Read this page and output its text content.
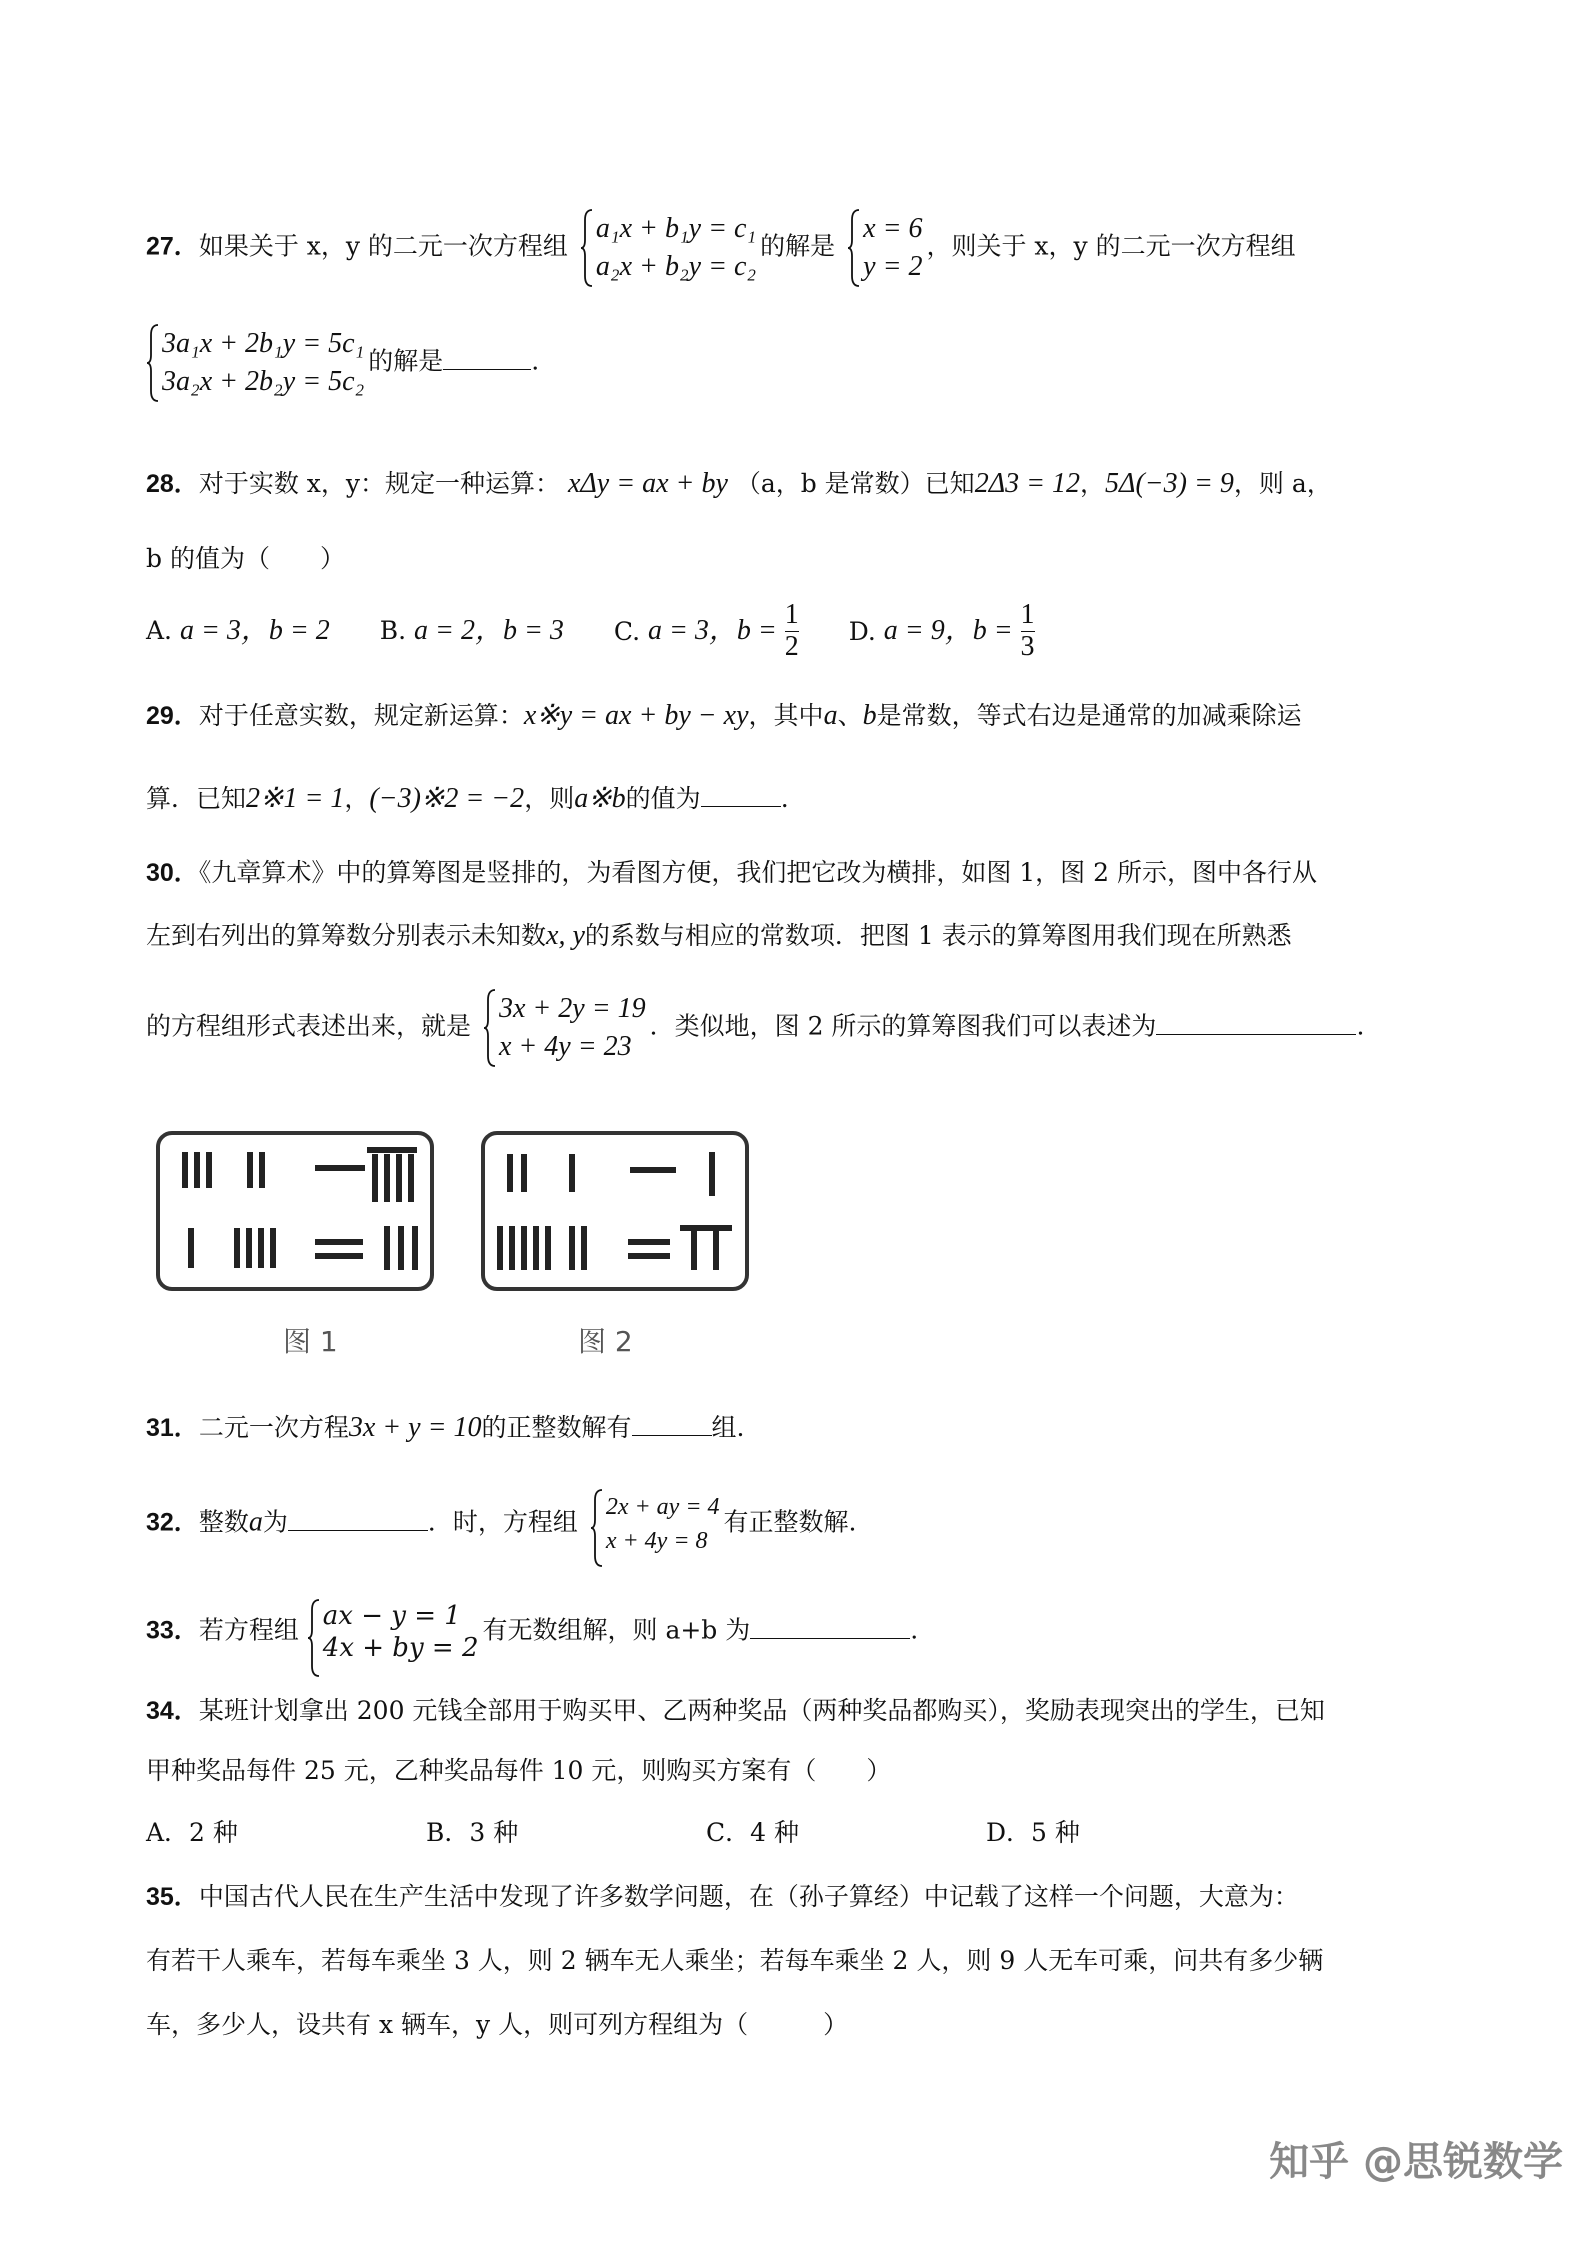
27．如果关于 x，y 的二元一次方程组
a₁x + b₁y = c₁
a₂x + b₂y = c₂
的解是
x = 6
y = 2
，则关于 x，y 的二元一次方程组
3a₁x + 2b₁y = 5c₁
3a₂x + 2b₂y = 5c₂
的解是	.
28．对于实数 x，y：规定一种运算： xΔy = ax + by （a，b 是常数）已知2Δ3 = 12，5Δ(−3) = 9，则 a，
b 的值为（　　）
A. a = 3，b = 2 B. a = 2，b = 3 C.
a = 3，b =
$\frac{1}{2} D$.
a = 9，b =
$\frac{1}{3}$
29．对于任意实数，规定新运算：x※y = ax + by − xy，其中a、b是常数，等式右边是通常的加减乘除运
算．已知2※1 = 1，(−3)※2 = −2，则a※b的值为	.
30．《九章算术》中的算筹图是竖排的，为看图方便，我们把它改为横排，如图 1，图 2 所示，图中各行从
左到右列出的算筹数分别表示未知数x, y的系数与相应的常数项．把图 1 表示的算筹图用我们现在所熟悉
的方程组形式表述出来，就是
3x + 2y = 19
x + 4y = 23
．类似地，图 2 所示的算筹图我们可以表述为	.
图 1	图 2
31．二元一次方程3x + y = 10的正整数解有	组.
32．整数a为	．时，方程组
2x + ay = 4
x + 4y = 8
有正整数解.
33．若方程组 ax − y = 1
4x + by = 2
有无数组解，则 a+b 为	.
34．某班计划拿出 200 元钱全部用于购买甲、乙两种奖品（两种奖品都购买），奖励表现突出的学生，已知
甲种奖品每件 25 元，乙种奖品每件 10 元，则购买方案有（　　）
A．2 种	B．3 种	C．4 种	D．5 种
35．中国古代人民在生产生活中发现了许多数学问题，在（孙子算经）中记载了这样一个问题，大意为：
有若干人乘车，若每车乘坐 3 人，则 2 辆车无人乘坐；若每车乘坐 2 人，则 9 人无车可乘，问共有多少辆
车，多少人，设共有 x 辆车，y 人，则可列方程组为（　　　）
知乎 @思锐数学
